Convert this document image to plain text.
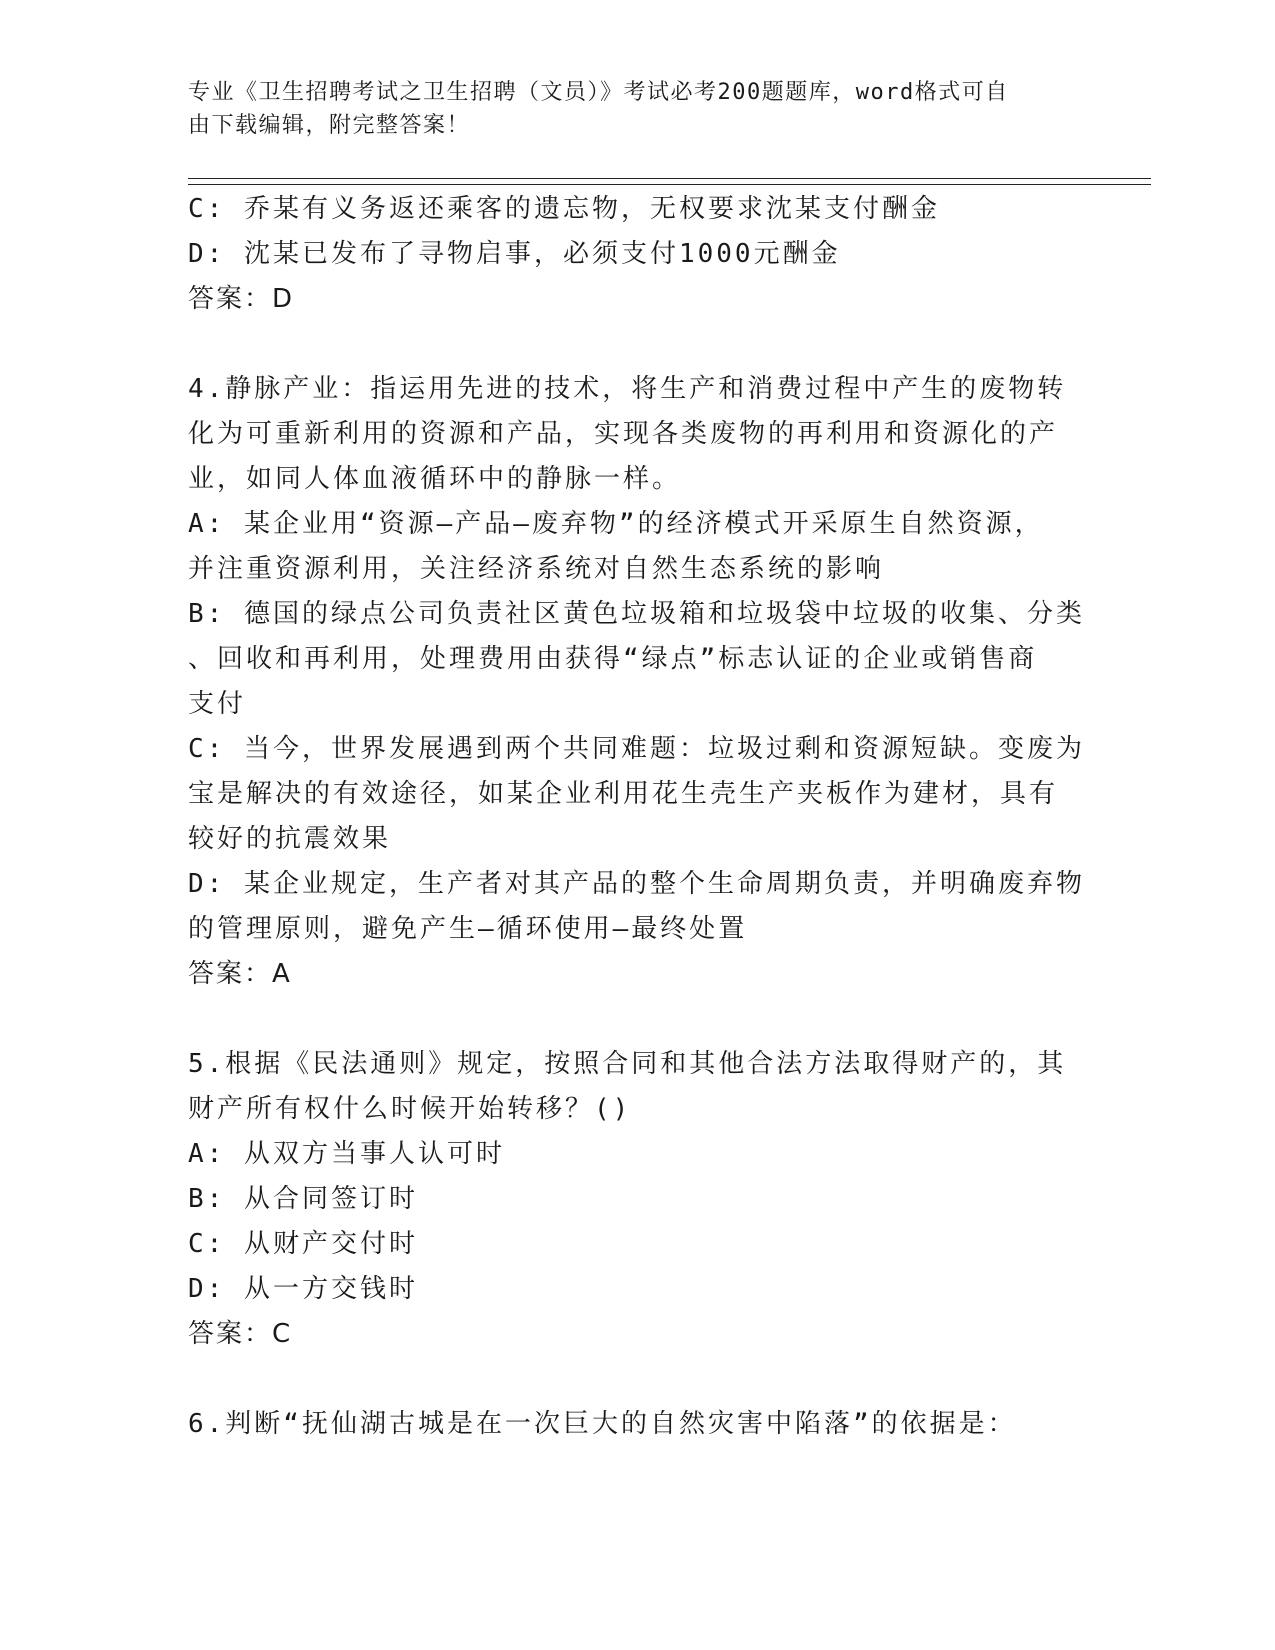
专业《卫生招聘考试之卫生招聘（文员）》考试必考200题题库，word格式可自
由下载编辑，附完整答案！
C: 乔某有义务返还乘客的遗忘物，无权要求沈某支付酬金
D: 沈某已发布了寻物启事，必须支付1000元酬金
答案：D
4.静脉产业：指运用先进的技术，将生产和消费过程中产生的废物转
化为可重新利用的资源和产品，实现各类废物的再利用和资源化的产
业，如同人体血液循环中的静脉一样。
A: 某企业用“资源—产品—废弃物”的经济模式开采原生自然资源，
并注重资源利用，关注经济系统对自然生态系统的影响
B: 德国的绿点公司负责社区黄色垃圾箱和垃圾袋中垃圾的收集、分类
、回收和再利用，处理费用由获得“绿点”标志认证的企业或销售商
支付
C: 当今，世界发展遇到两个共同难题：垃圾过剩和资源短缺。变废为
宝是解决的有效途径，如某企业利用花生壳生产夹板作为建材，具有
较好的抗震效果
D: 某企业规定，生产者对其产品的整个生命周期负责，并明确废弃物
的管理原则，避免产生—循环使用—最终处置
答案：A
5.根据《民法通则》规定，按照合同和其他合法方法取得财产的，其
财产所有权什么时候开始转移？()
A: 从双方当事人认可时
B: 从合同签订时
C: 从财产交付时
D: 从一方交钱时
答案：C
6.判断“抚仙湖古城是在一次巨大的自然灾害中陷落”的依据是：
